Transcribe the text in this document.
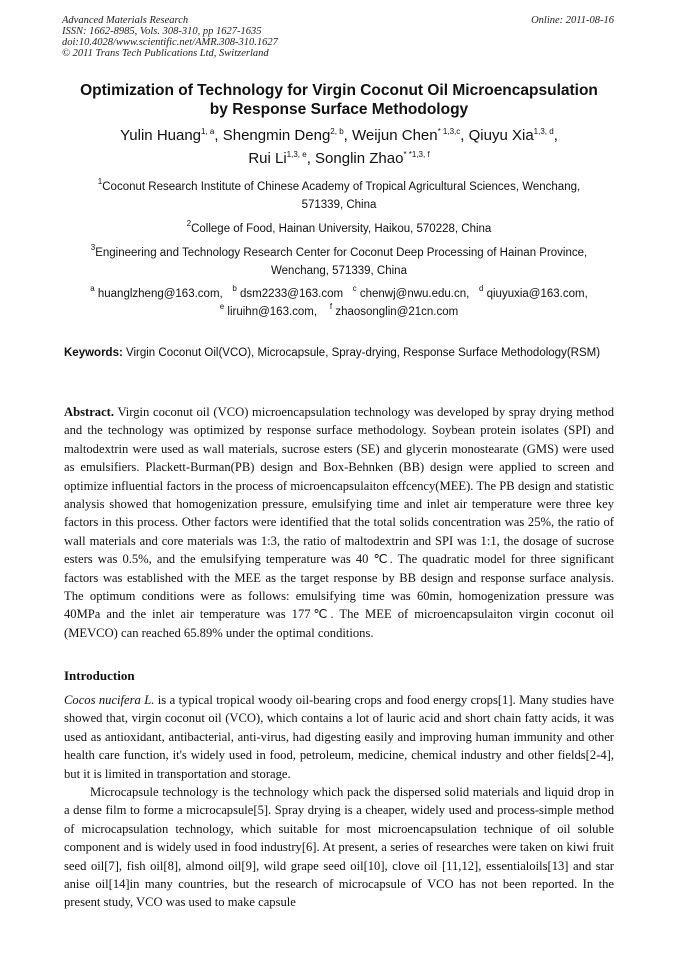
Advanced Materials Research
ISSN: 1662-8985, Vols. 308-310, pp 1627-1635
doi:10.4028/www.scientific.net/AMR.308-310.1627
© 2011 Trans Tech Publications Ltd, Switzerland
Online: 2011-08-16
Optimization of Technology for Virgin Coconut Oil Microencapsulation
by Response Surface Methodology
Yulin Huang$^{1, a}$, Shengmin Deng$^{2, b}$, Weijun Chen$^{* 1,3,c}$, Qiuyu Xia$^{1,3, d}$,
Rui Li$^{1,3, e}$, Songlin Zhao$^{* *1,3, f}$
$^1$Coconut Research Institute of Chinese Academy of Tropical Agricultural Sciences, Wenchang,
571339, China
$^2$College of Food, Hainan University, Haikou, 570228, China
$^3$Engineering and Technology Research Center for Coconut Deep Processing of Hainan Province,
Wenchang, 571339, China
$^a$ huanglzheng@163.com, $^b$ dsm2233@163.com $^c$ chenwj@nwu.edu.cn, $^d$ qiuyuxia@163.com,
$^e$ liruihn@163.com, $^f$ zhaosonglin@21cn.com
Keywords: Virgin Coconut Oil(VCO), Microcapsule, Spray-drying, Response Surface Methodology(RSM)
Abstract. Virgin coconut oil (VCO) microencapsulation technology was developed by spray drying method and the technology was optimized by response surface methodology. Soybean protein isolates (SPI) and maltodextrin were used as wall materials, sucrose esters (SE) and glycerin monostearate (GMS) were used as emulsifiers. Plackett-Burman(PB) design and Box-Behnken (BB) design were applied to screen and optimize influential factors in the process of microencapsulaiton effcency(MEE). The PB design and statistic analysis showed that homogenization pressure, emulsifying time and inlet air temperature were three key factors in this process. Other factors were identified that the total solids concentration was 25%, the ratio of wall materials and core materials was 1:3, the ratio of maltodextrin and SPI was 1:1, the dosage of sucrose esters was 0.5%, and the emulsifying temperature was 40 ℃. The quadratic model for three significant factors was established with the MEE as the target response by BB design and response surface analysis. The optimum conditions were as follows: emulsifying time was 60min, homogenization pressure was 40MPa and the inlet air temperature was 177℃. The MEE of microencapsulaiton virgin coconut oil (MEVCO) can reached 65.89% under the optimal conditions.
Introduction

Cocos nucifera L. is a typical tropical woody oil-bearing crops and food energy crops[1]. Many studies have showed that, virgin coconut oil (VCO), which contains a lot of lauric acid and short chain fatty acids, it was used as antioxidant, antibacterial, anti-virus, had digesting easily and improving human immunity and other health care function, it's widely used in food, petroleum, medicine, chemical industry and other fields[2-4], but it is limited in transportation and storage.

Microcapsule technology is the technology which pack the dispersed solid materials and liquid drop in a dense film to forme a microcapsule[5]. Spray drying is a cheaper, widely used and process-simple method of microcapsulation technology, which suitable for most microencapsulation technique of oil soluble component and is widely used in food industry[6]. At present, a series of researches were taken on kiwi fruit seed oil[7], fish oil[8], almond oil[9], wild grape seed oil[10], clove oil [11,12], essentialoils[13] and star anise oil[14]in many countries, but the research of microcapsule of VCO has not been reported. In the present study, VCO was used to make capsule
